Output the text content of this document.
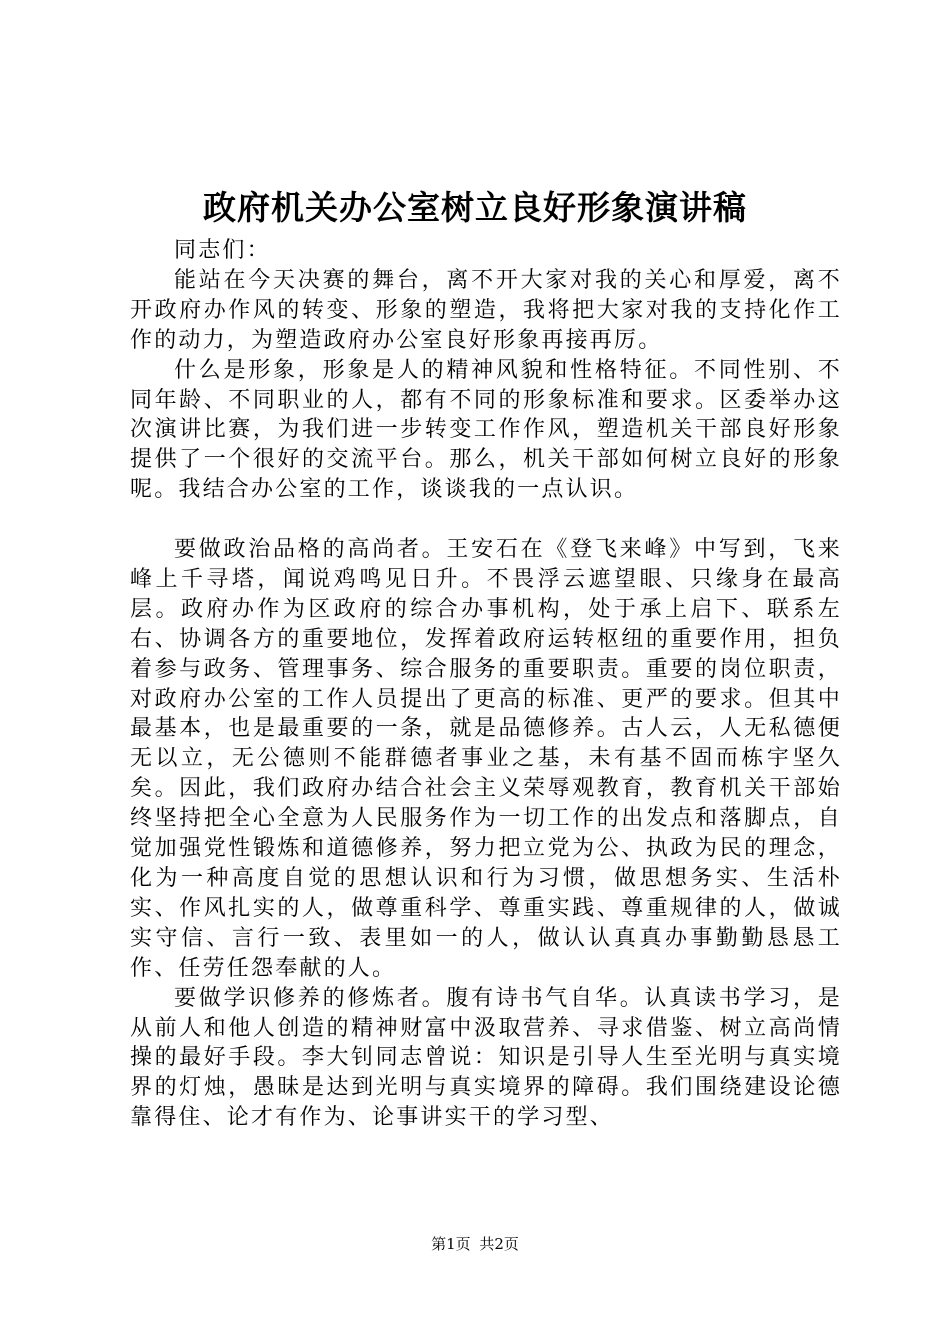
政府机关办公室树立良好形象演讲稿

同志们：

能站在今天决赛的舞台，离不开大家对我的关心和厚爱，离不开政府办作风的转变、形象的塑造，我将把大家对我的支持化作工作的动力，为塑造政府办公室良好形象再接再厉。

什么是形象，形象是人的精神风貌和性格特征。不同性别、不同年龄、不同职业的人，都有不同的形象标准和要求。区委举办这次演讲比赛，为我们进一步转变工作作风，塑造机关干部良好形象提供了一个很好的交流平台。那么，机关干部如何树立良好的形象呢。我结合办公室的工作，谈谈我的一点认识。

要做政治品格的高尚者。王安石在《登飞来峰》中写到，飞来峰上千寻塔，闻说鸡鸣见日升。不畏浮云遮望眼、只缘身在最高层。政府办作为区政府的综合办事机构，处于承上启下、联系左右、协调各方的重要地位，发挥着政府运转枢纽的重要作用，担负着参与政务、管理事务、综合服务的重要职责。重要的岗位职责，对政府办公室的工作人员提出了更高的标准、更严的要求。但其中最基本，也是最重要的一条，就是品德修养。古人云，人无私德便无以立，无公德则不能群德者事业之基，未有基不固而栋宇坚久矣。因此，我们政府办结合社会主义荣辱观教育，教育机关干部始终坚持把全心全意为人民服务作为一切工作的出发点和落脚点，自觉加强党性锻炼和道德修养，努力把立党为公、执政为民的理念，化为一种高度自觉的思想认识和行为习惯，做思想务实、生活朴实、作风扎实的人，做尊重科学、尊重实践、尊重规律的人，做诚实守信、言行一致、表里如一的人，做认认真真办事勤勤恳恳工作、任劳任怨奉献的人。

要做学识修养的修炼者。腹有诗书气自华。认真读书学习，是从前人和他人创造的精神财富中汲取营养、寻求借鉴、树立高尚情操的最好手段。李大钊同志曾说：知识是引导人生至光明与真实境界的灯烛，愚昧是达到光明与真实境界的障碍。我们围绕建设论德靠得住、论才有作为、论事讲实干的学习型、

第1页 共2页
